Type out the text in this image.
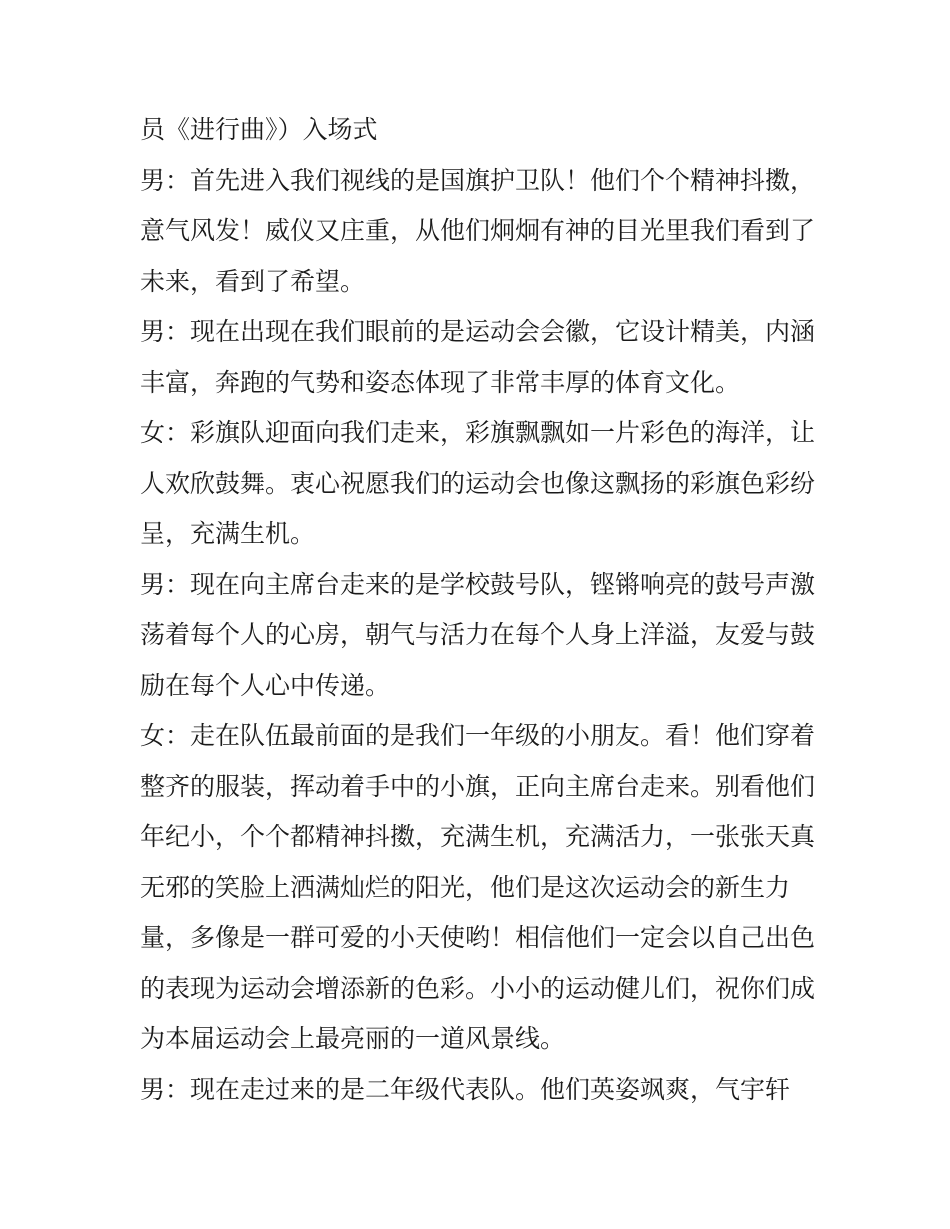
员《进行曲》）入场式
男：首先进入我们视线的是国旗护卫队！他们个个精神抖擞，
意气风发！威仪又庄重，从他们炯炯有神的目光里我们看到了
未来，看到了希望。
男：现在出现在我们眼前的是运动会会徽，它设计精美，内涵
丰富，奔跑的气势和姿态体现了非常丰厚的体育文化。
女：彩旗队迎面向我们走来，彩旗飘飘如一片彩色的海洋，让
人欢欣鼓舞。衷心祝愿我们的运动会也像这飘扬的彩旗色彩纷
呈，充满生机。
男：现在向主席台走来的是学校鼓号队，铿锵响亮的鼓号声激
荡着每个人的心房，朝气与活力在每个人身上洋溢，友爱与鼓
励在每个人心中传递。
女：走在队伍最前面的是我们一年级的小朋友。看！他们穿着
整齐的服装，挥动着手中的小旗，正向主席台走来。别看他们
年纪小，个个都精神抖擞，充满生机，充满活力，一张张天真
无邪的笑脸上洒满灿烂的阳光，他们是这次运动会的新生力
量，多像是一群可爱的小天使哟！相信他们一定会以自己出色
的表现为运动会增添新的色彩。小小的运动健儿们，祝你们成
为本届运动会上最亮丽的一道风景线。
男：现在走过来的是二年级代表队。他们英姿飒爽，气宇轩
